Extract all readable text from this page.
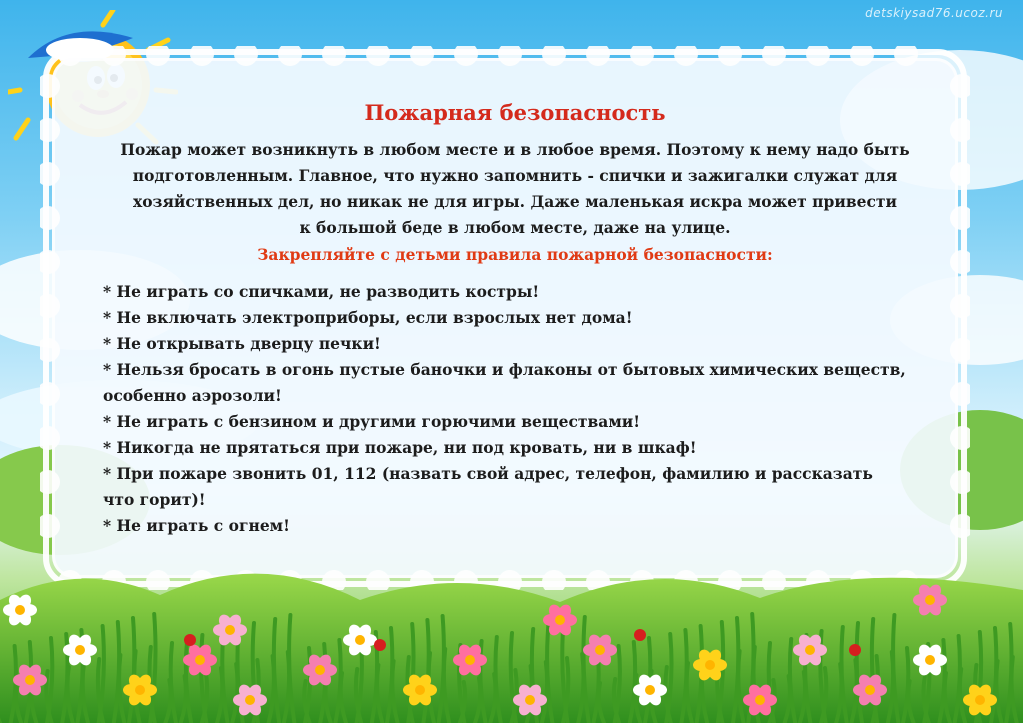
detskiysad76.ucoz.ru
Пожарная безопасность

Пожар может возникнуть в любом месте и в любое время. Поэтому к нему надо быть
подготовленным. Главное, что нужно запомнить - спички и зажигалки служат для
хозяйственных дел, но никак не для игры. Даже маленькая искра может привести
к большой беде в любом месте, даже на улице.

Закрепляйте с детьми правила пожарной безопасности:
* Не играть со спичками, не разводить костры!
* Не включать электроприборы, если взрослых нет дома!
* Не открывать дверцу печки!
* Нельзя бросать в огонь пустые баночки и флаконы от бытовых химических веществ,
особенно аэрозоли!
* Не играть с бензином и другими горючими веществами!
* Никогда не прятаться при пожаре, ни под кровать, ни в шкаф!
* При пожаре звонить 01, 112 (назвать свой адрес, телефон, фамилию и рассказать
что горит)!
* Не играть с огнем!
